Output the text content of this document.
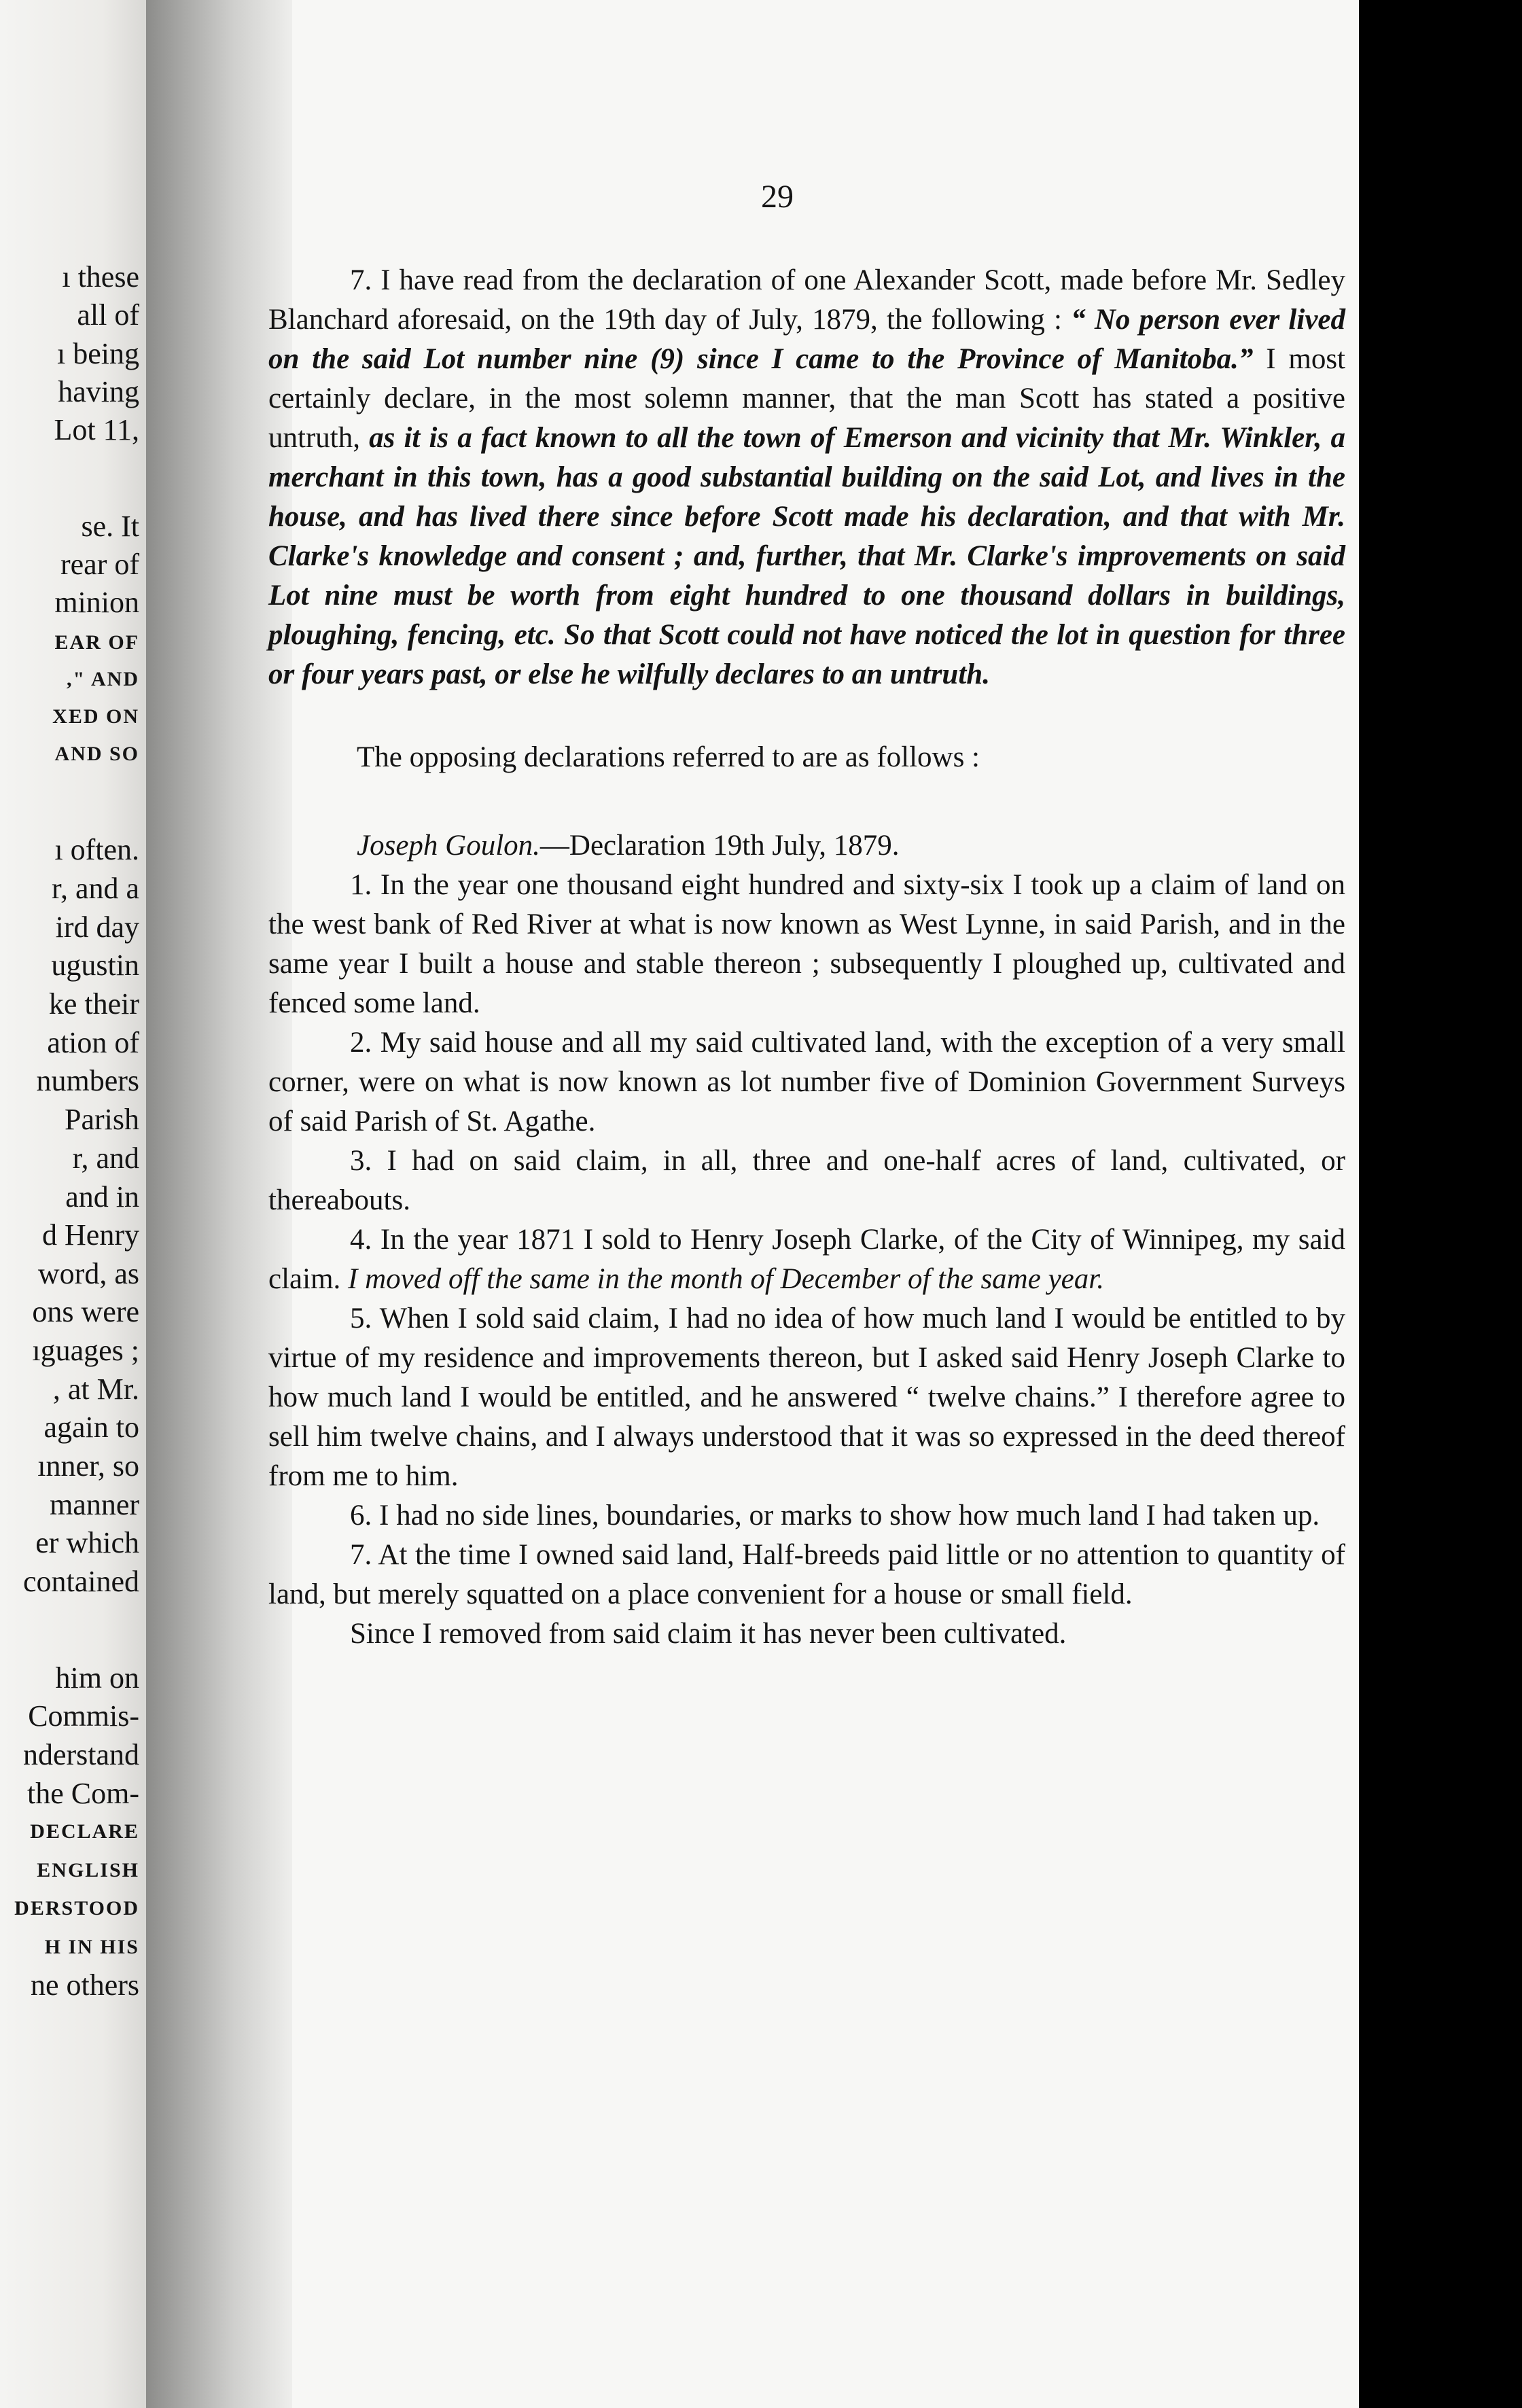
ı these
all of
ı being
having
Lot 11,
se. It
rear of
minion
EAR OF
," AND
XED ON
AND SO
ı often.
r, and a
ird day
ugustin
ke their
ation of
numbers
Parish
r, and
and in
d Henry
word, as
ons were
ıguages ;
, at Mr.
again to
ınner, so
manner
er which
contained
him on
Commis-
nderstand
the Com-
DECLARE
ENGLISH
DERSTOOD
H IN HIS
ne others
29

7. I have read from the declaration of one Alexander Scott, made before Mr. Sedley Blanchard aforesaid, on the 19th day of July, 1879, the following : “ No person ever lived on the said Lot number nine (9) since I came to the Province of Manitoba.” I most certainly declare, in the most solemn manner, that the man Scott has stated a positive untruth, as it is a fact known to all the town of Emerson and vicinity that Mr. Winkler, a merchant in this town, has a good substantial building on the said Lot, and lives in the house, and has lived there since before Scott made his declaration, and that with Mr. Clarke's knowledge and consent ; and, further, that Mr. Clarke's improvements on said Lot nine must be worth from eight hundred to one thousand dollars in buildings, ploughing, fencing, etc. So that Scott could not have noticed the lot in question for three or four years past, or else he wilfully declares to an untruth.

The opposing declarations referred to are as follows :

Joseph Goulon.—Declaration 19th July, 1879.

1. In the year one thousand eight hundred and sixty-six I took up a claim of land on the west bank of Red River at what is now known as West Lynne, in said Parish, and in the same year I built a house and stable thereon ; subsequently I ploughed up, cultivated and fenced some land.

2. My said house and all my said cultivated land, with the exception of a very small corner, were on what is now known as lot number five of Dominion Government Surveys of said Parish of St. Agathe.

3. I had on said claim, in all, three and one-half acres of land, cultivated, or thereabouts.

4. In the year 1871 I sold to Henry Joseph Clarke, of the City of Winnipeg, my said claim. I moved off the same in the month of December of the same year.

5. When I sold said claim, I had no idea of how much land I would be entitled to by virtue of my residence and improvements thereon, but I asked said Henry Joseph Clarke to how much land I would be entitled, and he answered “ twelve chains.” I therefore agree to sell him twelve chains, and I always understood that it was so expressed in the deed thereof from me to him.

6. I had no side lines, boundaries, or marks to show how much land I had taken up.

7. At the time I owned said land, Half-breeds paid little or no attention to quantity of land, but merely squatted on a place convenient for a house or small field.

Since I removed from said claim it has never been cultivated.
